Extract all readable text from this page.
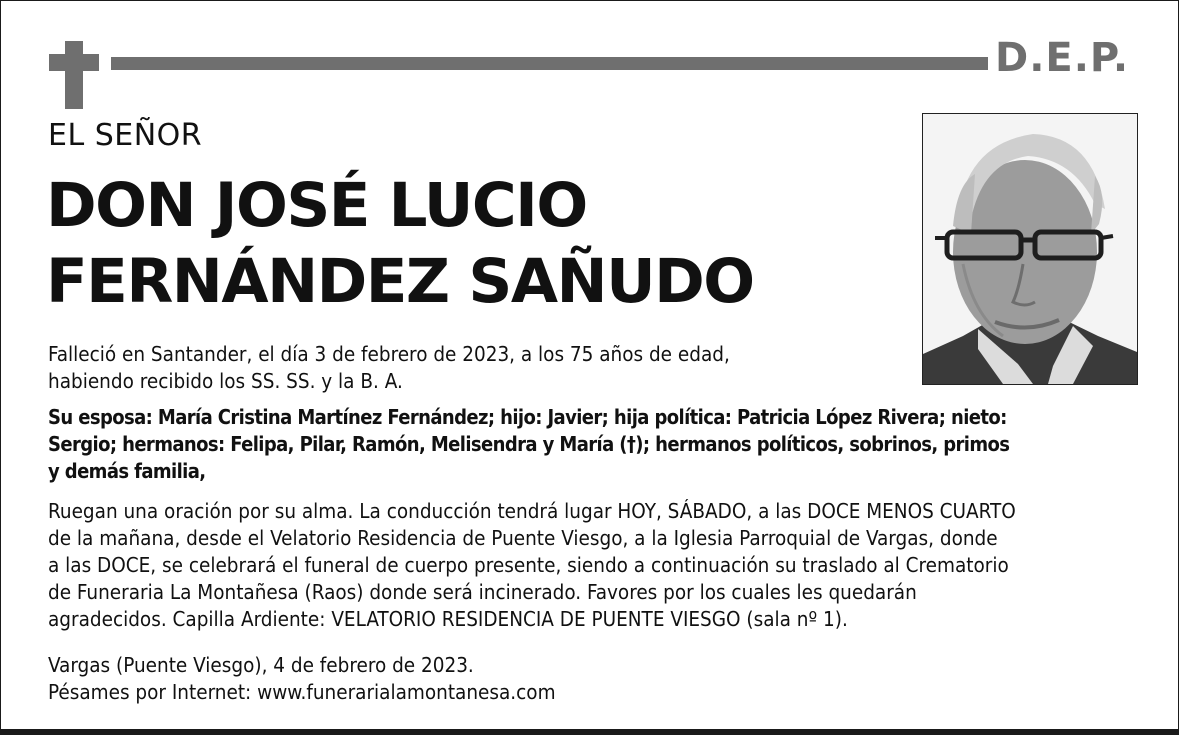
D.E.P.
EL SEÑOR
DON JOSÉ LUCIO
FERNÁNDEZ SAÑUDO
Falleció en Santander, el día 3 de febrero de 2023, a los 75 años de edad,
habiendo recibido los SS. SS. y la B. A.
Su esposa: María Cristina Martínez Fernández; hijo: Javier; hija política: Patricia López Rivera; nieto:
Sergio; hermanos: Felipa, Pilar, Ramón, Melisendra y María (†); hermanos políticos, sobrinos, primos
y demás familia,
Ruegan una oración por su alma. La conducción tendrá lugar HOY, SÁBADO, a las DOCE MENOS CUARTO
de la mañana, desde el Velatorio Residencia de Puente Viesgo, a la Iglesia Parroquial de Vargas, donde
a las DOCE, se celebrará el funeral de cuerpo presente, siendo a continuación su traslado al Crematorio
de Funeraria La Montañesa (Raos) donde será incinerado. Favores por los cuales les quedarán
agradecidos. Capilla Ardiente: VELATORIO RESIDENCIA DE PUENTE VIESGO (sala nº 1).
Vargas (Puente Viesgo), 4 de febrero de 2023.
Pésames por Internet: www.funerarialamontanesa.com
